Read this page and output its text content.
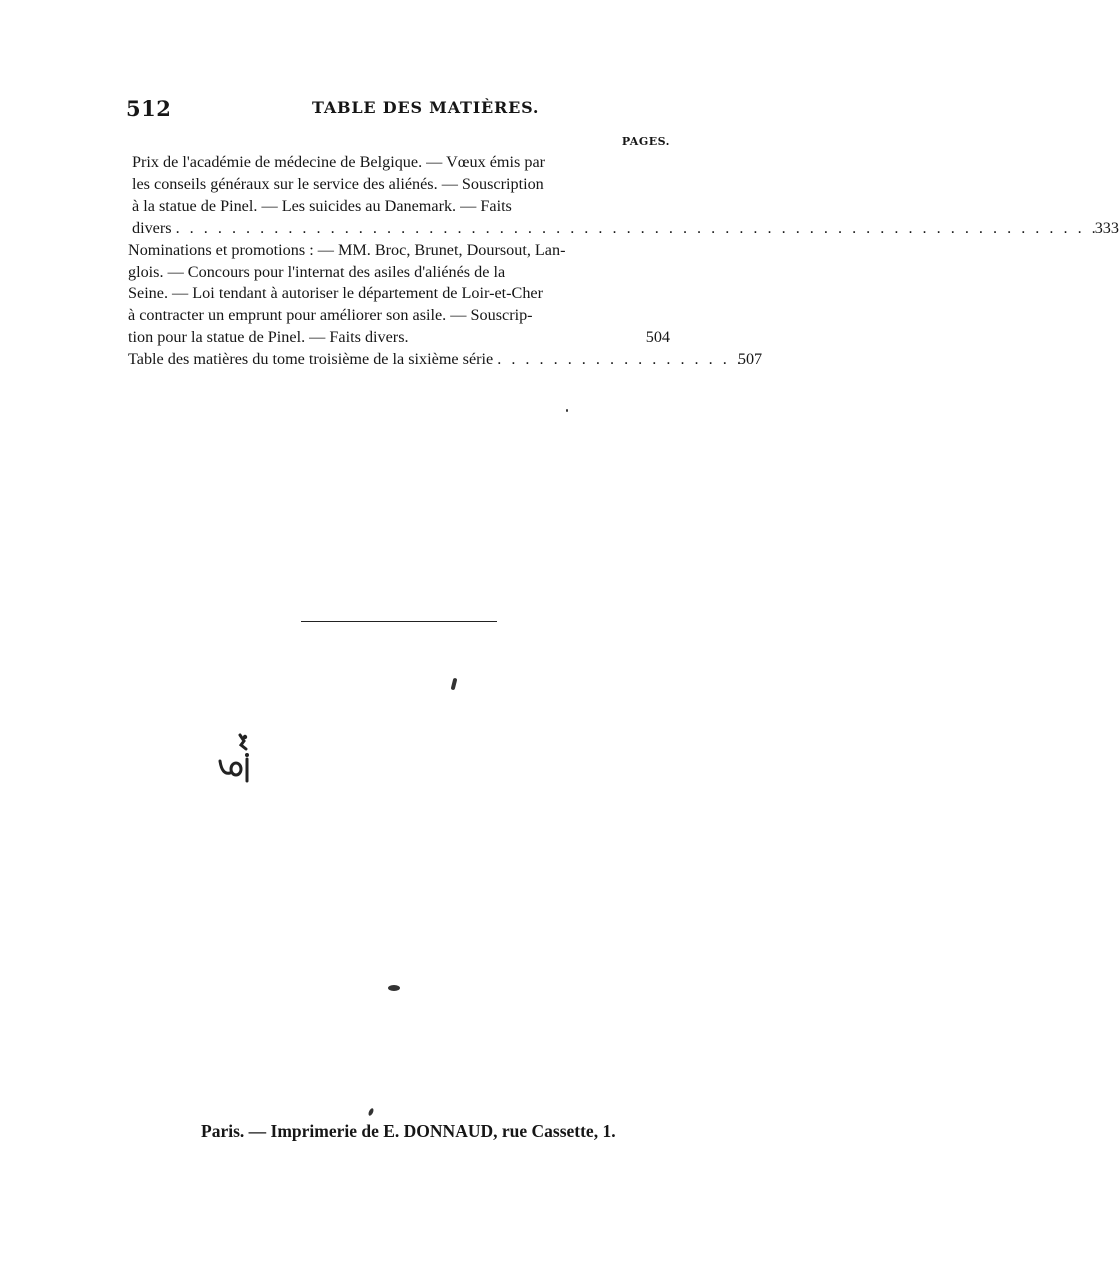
512	TABLE DES MATIÈRES.
PAGES.
Prix de l'académie de médecine de Belgique. — Vœux émis par
les conseils généraux sur le service des aliénés. — Souscription
à la statue de Pinel. — Les suicides au Danemark. — Faits
divers . . . . . . . . . . . . . . . . . . . . . . . . . . . . . . . . . . . . . . . . . . . . . . . . . . . . . . . . . . . . . . . . . .
333
Nominations et promotions : — MM. Broc, Brunet, Doursout, Lan-
glois. — Concours pour l'internat des asiles d'aliénés de la
Seine. — Loi tendant à autoriser le département de Loir-et-Cher
à contracter un emprunt pour améliorer son asile. — Souscrip-
tion pour la statue de Pinel. — Faits divers.	504
Table des matières du tome troisième de la sixième série . . . . . . . . . . . . . . . . . .
507
Paris. — Imprimerie de E. DONNAUD, rue Cassette, 1.
